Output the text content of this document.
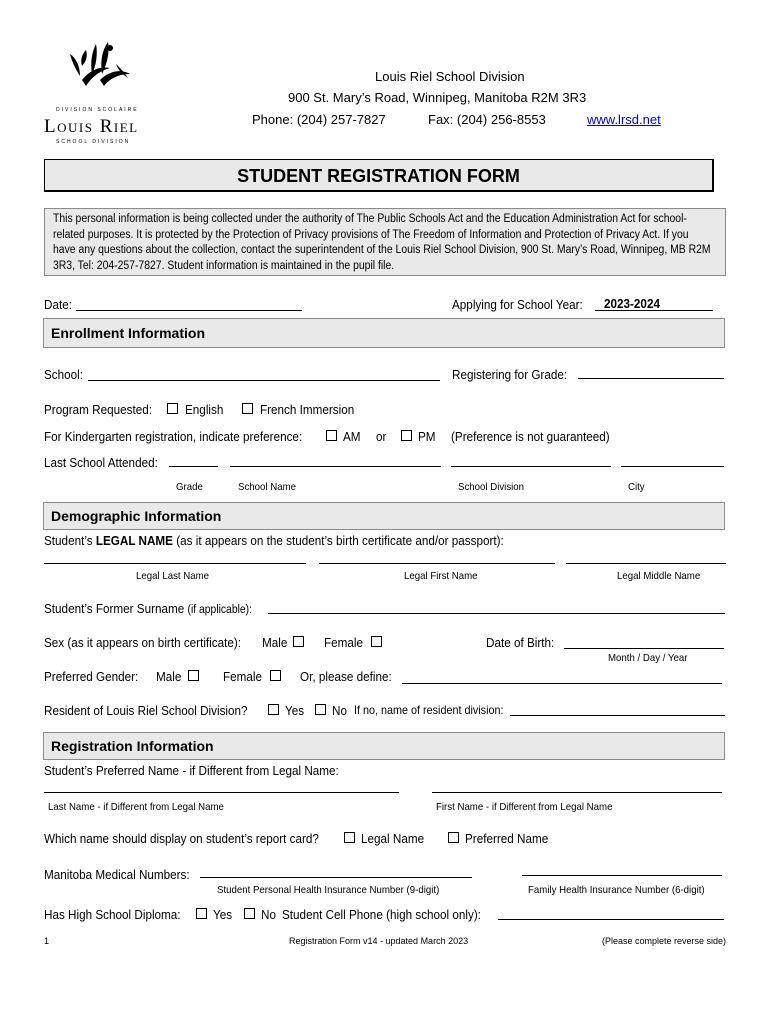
DIVISION SCOLAIRE
Louis Riel
SCHOOL DIVISION
Louis Riel School Division
900 St. Mary’s Road, Winnipeg, Manitoba R2M 3R3
Phone: (204) 257-7827	Fax: (204) 256-8553	www.lrsd.net
STUDENT REGISTRATION FORM
This personal information is being collected under the authority of The Public Schools Act and the Education Administration Act for school-related purposes. It is protected by the Protection of Privacy provisions of The Freedom of Information and Protection of Privacy Act. If you have any questions about the collection, contact the superintendent of the Louis Riel School Division, 900 St. Mary’s Road, Winnipeg, MB R2M 3R3, Tel: 204-257-7827. Student information is maintained in the pupil file.
Date:	Applying for School Year: 2023-2024
Enrollment Information
School:	Registering for Grade:
Program Requested:	English	French Immersion
For Kindergarten registration, indicate preference:	AM or PM (Preference is not guaranteed)
Last School Attended:
Grade	School Name	School Division	City
Demographic Information
Student’s LEGAL NAME (as it appears on the student’s birth certificate and/or passport):
Legal Last Name	Legal First Name	Legal Middle Name
Student’s Former Surname (if applicable):
Sex (as it appears on birth certificate): Male	Female	Date of Birth:
Month / Day / Year
Preferred Gender: Male	Female	Or, please define:
Resident of Louis Riel School Division?	Yes No If no, name of resident division:
Registration Information
Student’s Preferred Name - if Different from Legal Name:
Last Name - if Different from Legal Name	First Name - if Different from Legal Name
Which name should display on student’s report card?	Legal Name	Preferred Name
Manitoba Medical Numbers:
Student Personal Health Insurance Number (9-digit)	Family Health Insurance Number (6-digit)
Has High School Diploma: Yes No Student Cell Phone (high school only):
1	Registration Form v14 - updated March 2023	(Please complete reverse side)
